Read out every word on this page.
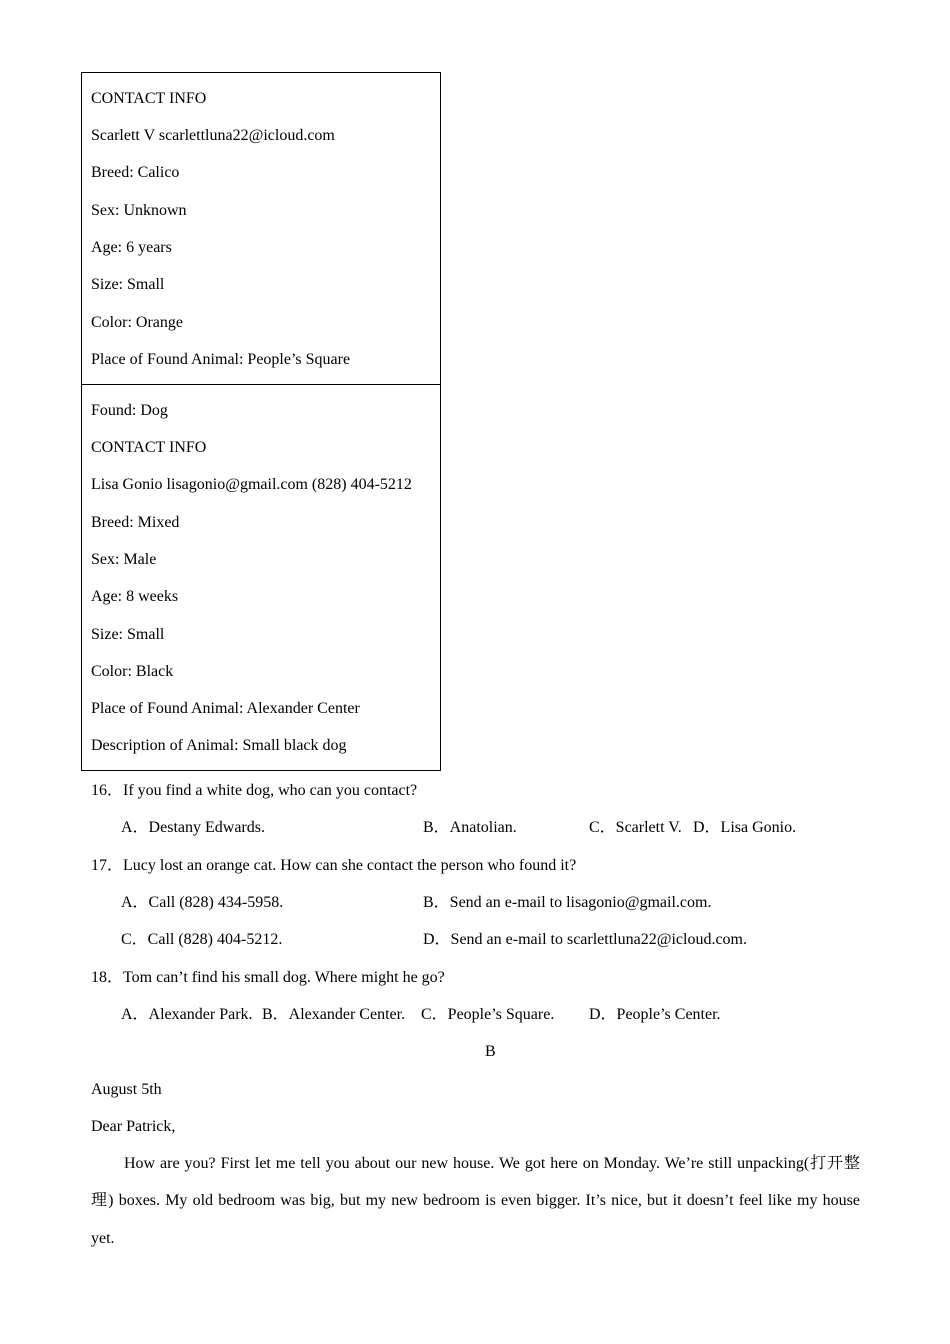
CONTACT INFO
Scarlett V scarlettluna22@icloud.com
Breed: Calico
Sex: Unknown
Age: 6 years
Size: Small
Color: Orange
Place of Found Animal: People’s Square
Found: Dog
CONTACT INFO
Lisa Gonio lisagonio@gmail.com (828) 404-5212
Breed: Mixed
Sex: Male
Age: 8 weeks
Size: Small
Color: Black
Place of Found Animal: Alexander Center
Description of Animal: Small black dog
16．If you find a white dog, who can you contact?
A．Destany Edwards.	B．Anatolian.	C．Scarlett V. D．Lisa Gonio.
17．Lucy lost an orange cat. How can she contact the person who found it?
A．Call (828) 434-5958.	B．Send an e-mail to lisagonio@gmail.com.
C．Call (828) 404-5212.	D．Send an e-mail to scarlettluna22@icloud.com.
18．Tom can’t find his small dog. Where might he go?
A．Alexander Park. B．Alexander Center. C．People’s Square. D．People’s Center.
B
August 5th
Dear Patrick,
How are you? First let me tell you about our new house. We got here on Monday. We’re still unpacking(打开整理) boxes. My old bedroom was big, but my new bedroom is even bigger. It’s nice, but it doesn’t feel like my house yet.
